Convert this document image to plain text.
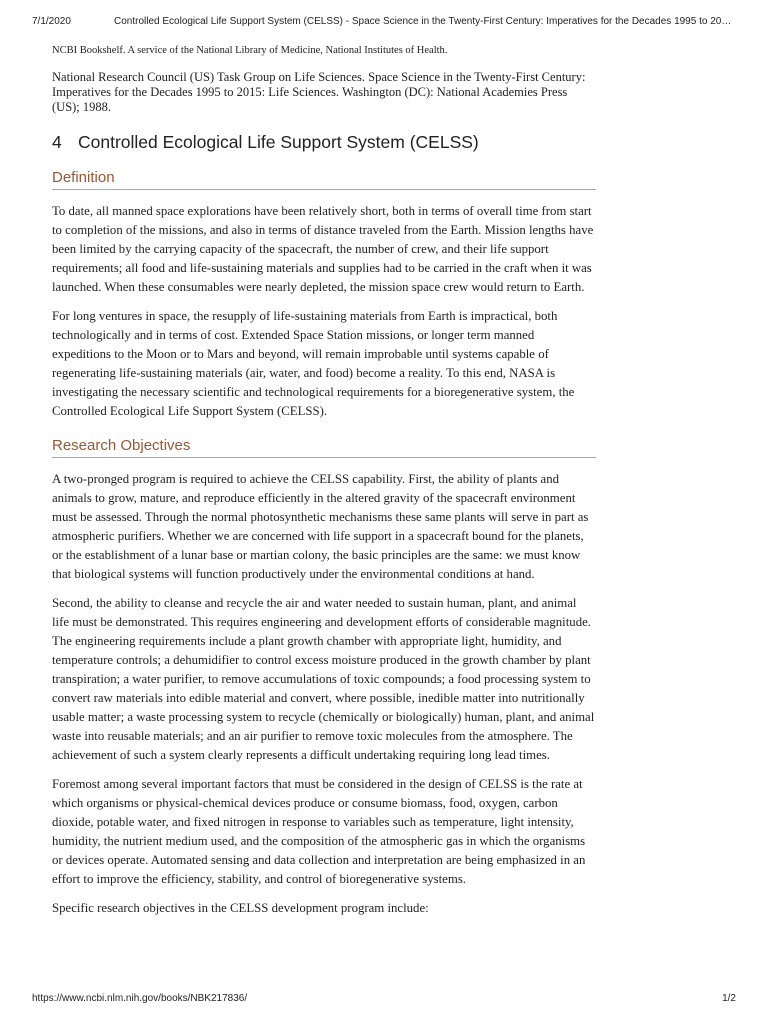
7/1/2020	Controlled Ecological Life Support System (CELSS) - Space Science in the Twenty-First Century: Imperatives for the Decades 1995 to 20…
NCBI Bookshelf. A service of the National Library of Medicine, National Institutes of Health.
National Research Council (US) Task Group on Life Sciences. Space Science in the Twenty-First Century: Imperatives for the Decades 1995 to 2015: Life Sciences. Washington (DC): National Academies Press (US); 1988.
4 Controlled Ecological Life Support System (CELSS)
Definition

To date, all manned space explorations have been relatively short, both in terms of overall time from start to completion of the missions, and also in terms of distance traveled from the Earth. Mission lengths have been limited by the carrying capacity of the spacecraft, the number of crew, and their life support requirements; all food and life-sustaining materials and supplies had to be carried in the craft when it was launched. When these consumables were nearly depleted, the mission space crew would return to Earth.

For long ventures in space, the resupply of life-sustaining materials from Earth is impractical, both technologically and in terms of cost. Extended Space Station missions, or longer term manned expeditions to the Moon or to Mars and beyond, will remain improbable until systems capable of regenerating life-sustaining materials (air, water, and food) become a reality. To this end, NASA is investigating the necessary scientific and technological requirements for a bioregenerative system, the Controlled Ecological Life Support System (CELSS).

Research Objectives

A two-pronged program is required to achieve the CELSS capability. First, the ability of plants and animals to grow, mature, and reproduce efficiently in the altered gravity of the spacecraft environment must be assessed. Through the normal photosynthetic mechanisms these same plants will serve in part as atmospheric purifiers. Whether we are concerned with life support in a spacecraft bound for the planets, or the establishment of a lunar base or martian colony, the basic principles are the same: we must know that biological systems will function productively under the environmental conditions at hand.

Second, the ability to cleanse and recycle the air and water needed to sustain human, plant, and animal life must be demonstrated. This requires engineering and development efforts of considerable magnitude. The engineering requirements include a plant growth chamber with appropriate light, humidity, and temperature controls; a dehumidifier to control excess moisture produced in the growth chamber by plant transpiration; a water purifier, to remove accumulations of toxic compounds; a food processing system to convert raw materials into edible material and convert, where possible, inedible matter into nutritionally usable matter; a waste processing system to recycle (chemically or biologically) human, plant, and animal waste into reusable materials; and an air purifier to remove toxic molecules from the atmosphere. The achievement of such a system clearly represents a difficult undertaking requiring long lead times.

Foremost among several important factors that must be considered in the design of CELSS is the rate at which organisms or physical-chemical devices produce or consume biomass, food, oxygen, carbon dioxide, potable water, and fixed nitrogen in response to variables such as temperature, light intensity, humidity, the nutrient medium used, and the composition of the atmospheric gas in which the organisms or devices operate. Automated sensing and data collection and interpretation are being emphasized in an effort to improve the efficiency, stability, and control of bioregenerative systems.

Specific research objectives in the CELSS development program include:

https://www.ncbi.nlm.nih.gov/books/NBK217836/	1/2
